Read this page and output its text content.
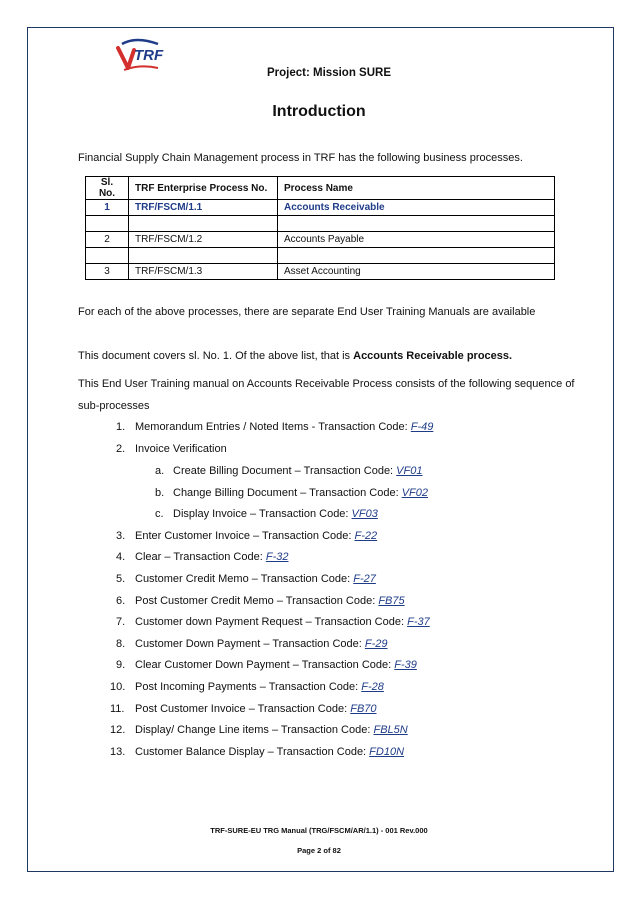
TRF
Project: Mission SURE
Introduction
Financial Supply Chain Management process in TRF has the following business processes.
Sl. No.	TRF Enterprise Process No.	Process Name
1	TRF/FSCM/1.1	Accounts Receivable

2	TRF/FSCM/1.2	Accounts Payable

3	TRF/FSCM/1.3	Asset Accounting
For each of the above processes, there are separate End User Training Manuals are available
This document covers sl. No. 1. Of the above list, that is Accounts Receivable process.
This End User Training manual on Accounts Receivable Process consists of the following sequence of
sub-processes
1. Memorandum Entries / Noted Items - Transaction Code: F-49
2. Invoice Verification
a. Create Billing Document – Transaction Code: VF01
b. Change Billing Document – Transaction Code: VF02
c. Display Invoice – Transaction Code: VF03
3. Enter Customer Invoice – Transaction Code: F-22
4. Clear – Transaction Code: F-32
5. Customer Credit Memo – Transaction Code: F-27
6. Post Customer Credit Memo – Transaction Code: FB75
7. Customer down Payment Request – Transaction Code: F-37
8. Customer Down Payment – Transaction Code: F-29
9. Clear Customer Down Payment – Transaction Code: F-39
10. Post Incoming Payments – Transaction Code: F-28
11. Post Customer Invoice – Transaction Code: FB70
12. Display/ Change Line items – Transaction Code: FBL5N
13. Customer Balance Display – Transaction Code: FD10N
TRF-SURE-EU TRG Manual (TRG/FSCM/AR/1.1) - 001 Rev.000
Page 2 of 82
